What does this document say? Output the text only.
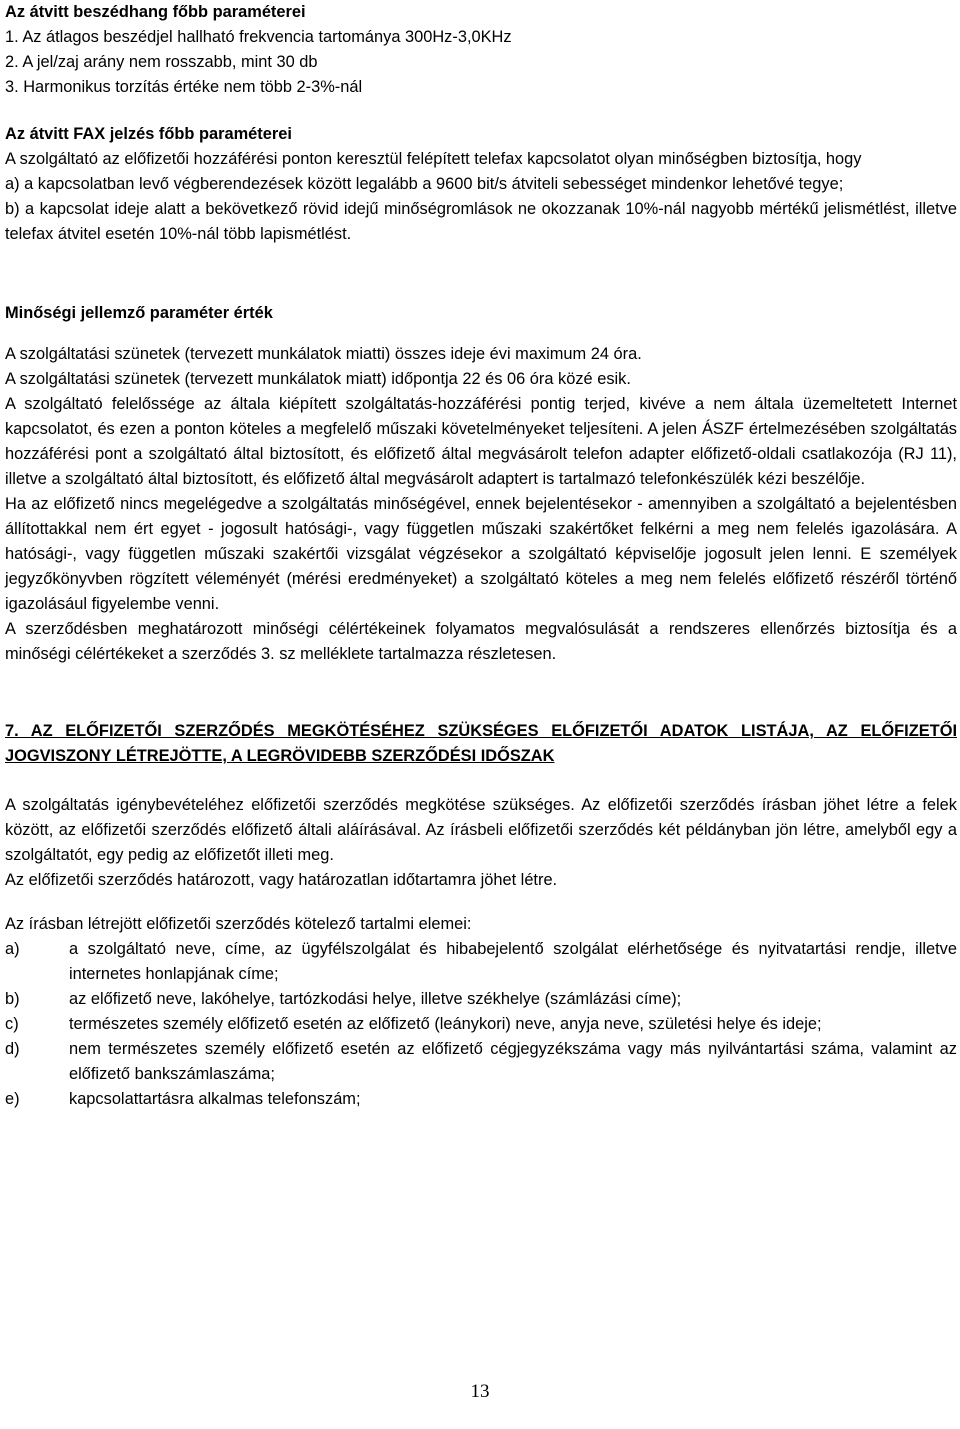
Az átvitt beszédhang főbb paraméterei
1. Az átlagos beszédjel hallható frekvencia tartománya 300Hz-3,0KHz
2. A jel/zaj arány nem rosszabb, mint 30 db
3. Harmonikus torzítás értéke nem több 2-3%-nál
Az átvitt FAX jelzés főbb paraméterei
A szolgáltató az előfizetői hozzáférési ponton keresztül felépített telefax kapcsolatot olyan minőségben biztosítja, hogy
a) a kapcsolatban levő végberendezések között legalább a 9600 bit/s átviteli sebességet mindenkor lehetővé tegye;
b) a kapcsolat ideje alatt a bekövetkező rövid idejű minőségromlások ne okozzanak 10%-nál nagyobb mértékű jelismétlést, illetve telefax átvitel esetén 10%-nál több lapismétlést.
Minőségi jellemző paraméter érték
A szolgáltatási szünetek (tervezett munkálatok miatti) összes ideje évi maximum 24 óra.
A szolgáltatási szünetek (tervezett munkálatok miatt) időpontja 22 és 06 óra közé esik.
A szolgáltató felelőssége az általa kiépített szolgáltatás-hozzáférési pontig terjed, kivéve a nem általa üzemeltetett Internet kapcsolatot, és ezen a ponton köteles a megfelelő műszaki követelményeket teljesíteni. A jelen ÁSZF értelmezésében szolgáltatás hozzáférési pont a szolgáltató által biztosított, és előfizető által megvásárolt telefon adapter előfizető-oldali csatlakozója (RJ 11), illetve a szolgáltató által biztosított, és előfizető által megvásárolt adaptert is tartalmazó telefonkészülék kézi beszélője.
Ha az előfizető nincs megelégedve a szolgáltatás minőségével, ennek bejelentésekor - amennyiben a szolgáltató a bejelentésben állítottakkal nem ért egyet - jogosult hatósági-, vagy független műszaki szakértőket felkérni a meg nem felelés igazolására. A hatósági-, vagy független műszaki szakértői vizsgálat végzésekor a szolgáltató képviselője jogosult jelen lenni. E személyek jegyzőkönyvben rögzített véleményét (mérési eredményeket) a szolgáltató köteles a meg nem felelés előfizető részéről történő igazolásául figyelembe venni.
A szerződésben meghatározott minőségi célértékeinek folyamatos megvalósulását a rendszeres ellenőrzés biztosítja és a minőségi célértékeket a szerződés 3. sz melléklete tartalmazza részletesen.
7. AZ ELŐFIZETŐI SZERZŐDÉS MEGKÖTÉSÉHEZ SZÜKSÉGES ELŐFIZETŐI ADATOK LISTÁJA, AZ ELŐFIZETŐI JOGVISZONY LÉTREJÖTTE, A LEGRÖVIDEBB SZERZŐDÉSI IDŐSZAK
A szolgáltatás igénybevételéhez előfizetői szerződés megkötése szükséges. Az előfizetői szerződés írásban jöhet létre a felek között, az előfizetői szerződés előfizető általi aláírásával. Az írásbeli előfizetői szerződés két példányban jön létre, amelyből egy a szolgáltatót, egy pedig az előfizetőt illeti meg.
Az előfizetői szerződés határozott, vagy határozatlan időtartamra jöhet létre.
Az írásban létrejött előfizetői szerződés kötelező tartalmi elemei:
a)	a szolgáltató neve, címe, az ügyfélszolgálat és hibabejelentő szolgálat elérhetősége és nyitvatartási rendje, illetve internetes honlapjának címe;
b)	az előfizető neve, lakóhelye, tartózkodási helye, illetve székhelye (számlázási címe);
c)	természetes személy előfizető esetén az előfizető (leánykori) neve, anyja neve, születési helye és ideje;
d)	nem természetes személy előfizető esetén az előfizető cégjegyzékszáma vagy más nyilvántartási száma, valamint az előfizető bankszámlaszáma;
e)	kapcsolattartásra alkalmas telefonszám;
13
